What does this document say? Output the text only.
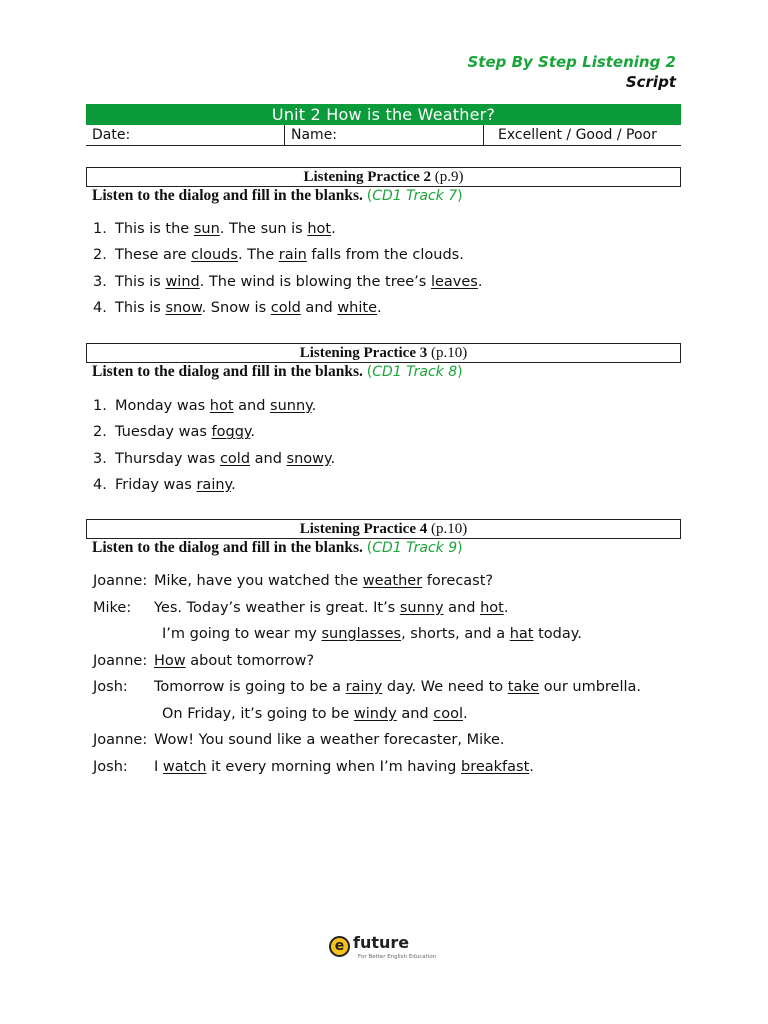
Step By Step Listening 2
Script
Unit 2 How is the Weather?
Date:	Name:	Excellent / Good / Poor
Listening Practice 2 (p.9)

Listen to the dialog and fill in the blanks. (CD1 Track 7)

1. This is the sun. The sun is hot.
2. These are clouds. The rain falls from the clouds.
3. This is wind. The wind is blowing the tree’s leaves.
4. This is snow. Snow is cold and white.
Listening Practice 3 (p.10)

Listen to the dialog and fill in the blanks. (CD1 Track 8)

1. Monday was hot and sunny.
2. Tuesday was foggy.
3. Thursday was cold and snowy.
4. Friday was rainy.
Listening Practice 4 (p.10)

Listen to the dialog and fill in the blanks. (CD1 Track 9)

Joanne: Mike, have you watched the weather forecast?
Mike:	Yes. Today’s weather is great. It’s sunny and hot.
I’m going to wear my sunglasses, shorts, and a hat today.
Joanne: How about tomorrow?
Josh:	Tomorrow is going to be a rainy day. We need to take our umbrella.
On Friday, it’s going to be windy and cool.
Joanne: Wow! You sound like a weather forecaster, Mike.
Josh:	I watch it every morning when I’m having breakfast.
e future
For Better English Education
